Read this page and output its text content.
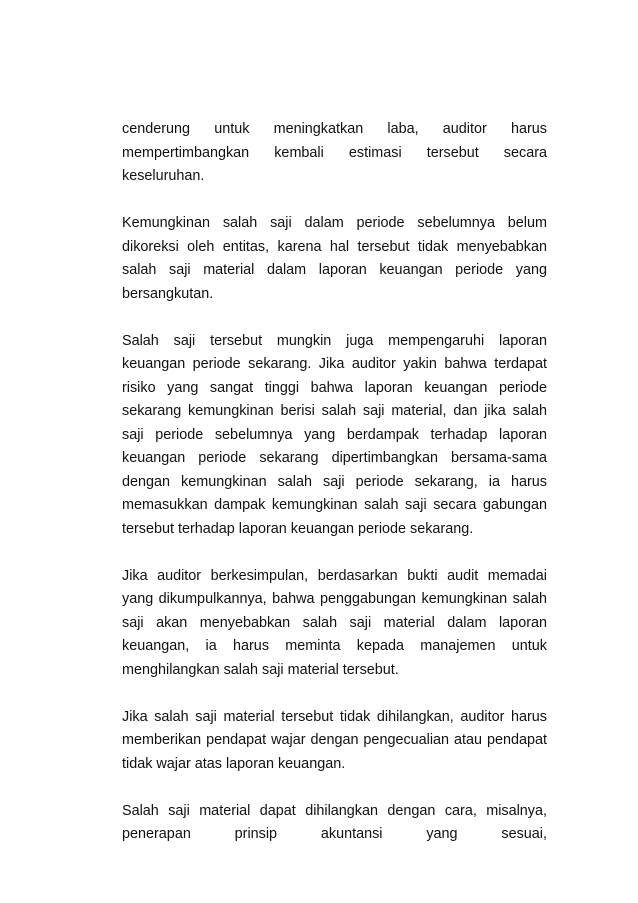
cenderung untuk meningkatkan laba, auditor harus mempertimbangkan kembali estimasi tersebut secara keseluruhan.

Kemungkinan salah saji dalam periode sebelumnya belum dikoreksi oleh entitas, karena hal tersebut tidak menyebabkan salah saji material dalam laporan keuangan periode yang bersangkutan.

Salah saji tersebut mungkin juga mempengaruhi laporan keuangan periode sekarang. Jika auditor yakin bahwa terdapat risiko yang sangat tinggi bahwa laporan keuangan periode sekarang kemungkinan berisi salah saji material, dan jika salah saji periode sebelumnya yang berdampak terhadap laporan keuangan periode sekarang dipertimbangkan bersama-sama dengan kemungkinan salah saji periode sekarang, ia harus memasukkan dampak kemungkinan salah saji secara gabungan tersebut terhadap laporan keuangan periode sekarang.

Jika auditor berkesimpulan, berdasarkan bukti audit memadai yang dikumpulkannya, bahwa penggabungan kemungkinan salah saji akan menyebabkan salah saji material dalam laporan keuangan, ia harus meminta kepada manajemen untuk menghilangkan salah saji material tersebut.

Jika salah saji material tersebut tidak dihilangkan, auditor harus memberikan pendapat wajar dengan pengecualian atau pendapat tidak wajar atas laporan keuangan.

Salah saji material dapat dihilangkan dengan cara, misalnya, penerapan prinsip akuntansi yang sesuai,
